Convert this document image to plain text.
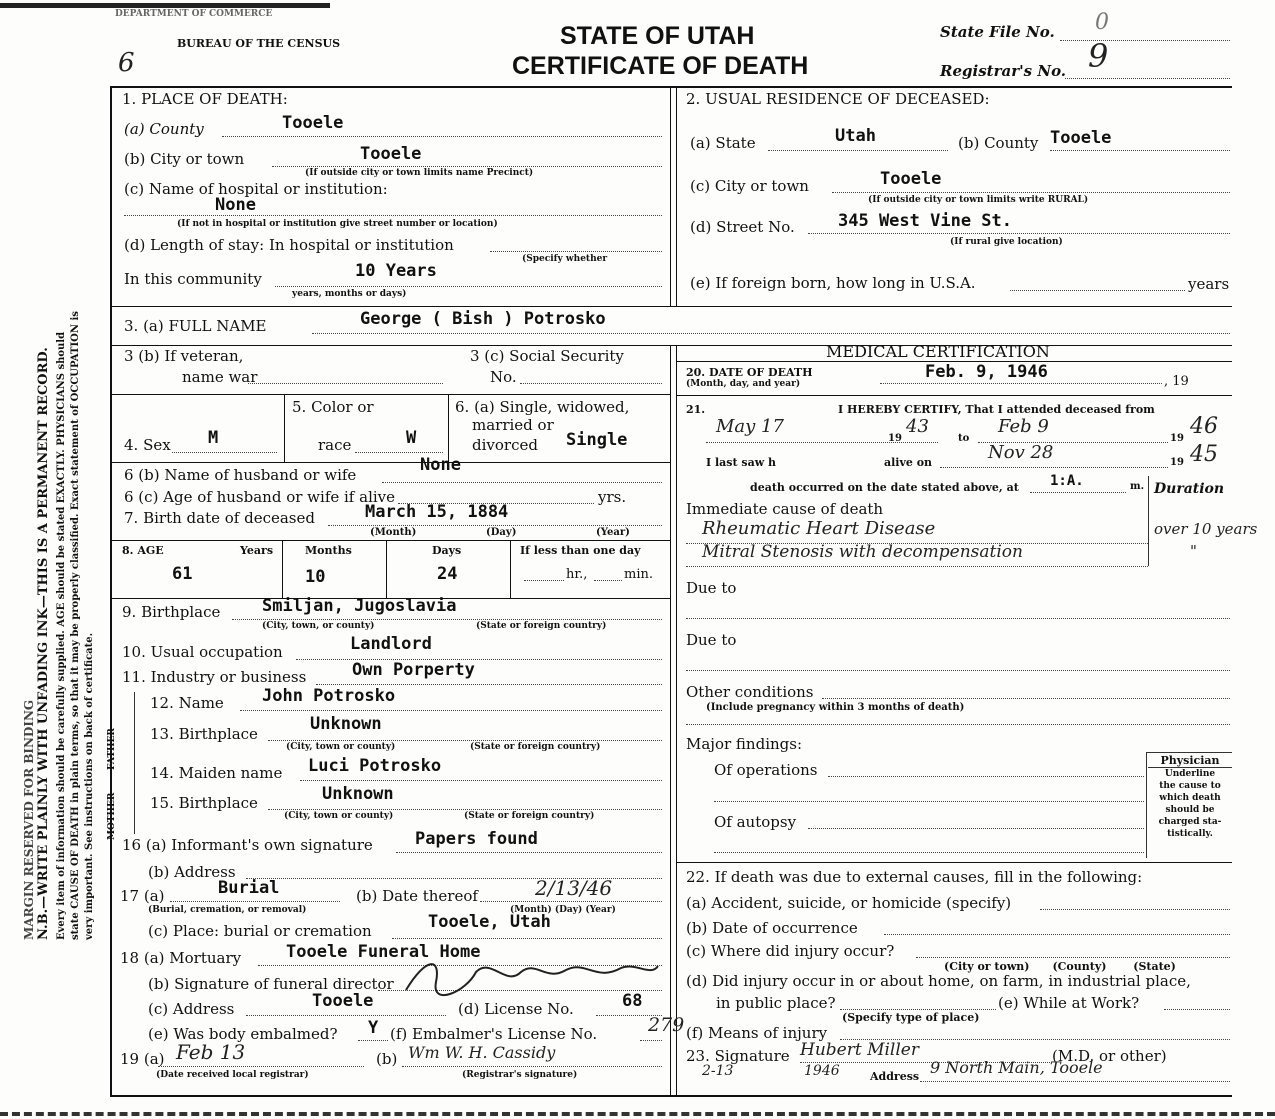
N.B.—WRITE PLAINLY WITH UNFADING INK—THIS IS A PERMANENT RECORD.
MARGIN RESERVED FOR BINDING Every item of information should be carefully supplied. AGE should be stated EXACTLY. PHYSICIANS should state CAUSE OF DEATH in plain terms, so that it may be properly classified. Exact statement of OCCUPATION is very important. See instructions on back of certificate.
DEPARTMENT OF COMMERCE
6
BUREAU OF THE CENSUS	STATE OF UTAH
CERTIFICATE OF DEATH
State File No. 0
Registrar's No. 9
1. PLACE OF DEATH:
(a) County	Tooele
(b) City or town	Tooele
(If outside city or town limits name Precinct)
(c) Name of hospital or institution:
None
(If not in hospital or institution give street number or location)
(d) Length of stay: In hospital or institution
(Specify whether
In this community	10 Years
years, months or days)
2. USUAL RESIDENCE OF DECEASED:
(a) State	Utah	(b) County Tooele
(c) City or town	Tooele
(If outside city or town limits write RURAL)
(d) Street No.	345 West Vine St.
(If rural give location)
(e) If foreign born, how long in U.S.A.	years
3. (a) FULL NAME	George ( Bish ) Potrosko
3 (b) If veteran,
name war
3 (c) Social Security
No.
MEDICAL CERTIFICATION
4. Sex M
5. Color or
race	W
6. (a) Single, widowed,
married or
divorced Single
6 (b) Name of husband or wife	None
6 (c) Age of husband or wife if alive	yrs.
7. Birth date of deceased	March 15, 1884
(Month)	(Day)	(Year)
8. AGE	Years	Months	Days	If less than one day
61	10	24	hr.,	min.
9. Birthplace Smiljan, Jugoslavia
(City, town, or county)	(State or foreign country)
10. Usual occupation	Landlord
11. Industry or business	Own Porperty
FATHER
MOTHER
12. Name John Potrosko
13. Birthplace	Unknown
(City, town or county)	(State or foreign country)
14. Maiden name Luci Potrosko
15. Birthplace	Unknown
(City, town or county)	(State or foreign country)
16 (a) Informant's own signature Papers found
(b) Address
17 (a)	Burial
(Burial, cremation, or removal)
(b) Date thereof	2/13/46
(Month) (Day) (Year)
(c) Place: burial or cremation	Tooele, Utah
18 (a) Mortuary	Tooele Funeral Home
(b) Signature of funeral director
(c) Address	Tooele	(d) License No.	68
(e) Was body embalmed? Y (f) Embalmer's License No.	279
19 (a) Feb 13
(Date received local registrar)
(b) Wm W. H. Cassidy
(Registrar's signature)
20. DATE OF DEATH
(Month, day, and year)
Feb. 9, 1946	, 19
21.	I HEREBY CERTIFY, That I attended deceased from
May 17
19
43
to
Feb 9
19 46
I last saw h	alive on	Nov 28	19 45
death occurred on the date stated above, at 1:A.	m. Duration
Immediate cause of death
Rheumatic Heart Disease	over 10 years
Mitral Stenosis with decompensation	"
Due to
Due to
Other conditions
(Include pregnancy within 3 months of death)
Major findings:
Of operations
Of autopsy
Physician
Underline
the cause to
which death
should be
charged sta-
tistically.
22. If death was due to external causes, fill in the following:
(a) Accident, suicide, or homicide (specify)
(b) Date of occurrence
(c) Where did injury occur?
(City or town)      (County)       (State)
(d) Did injury occur in or about home, on farm, in industrial place,
in public place?	(e) While at Work?
(Specify type of place)
(f) Means of injury
23. Signature Hubert Miller	(M.D. or other)
2-13	1946	Address 9 North Main, Tooele
